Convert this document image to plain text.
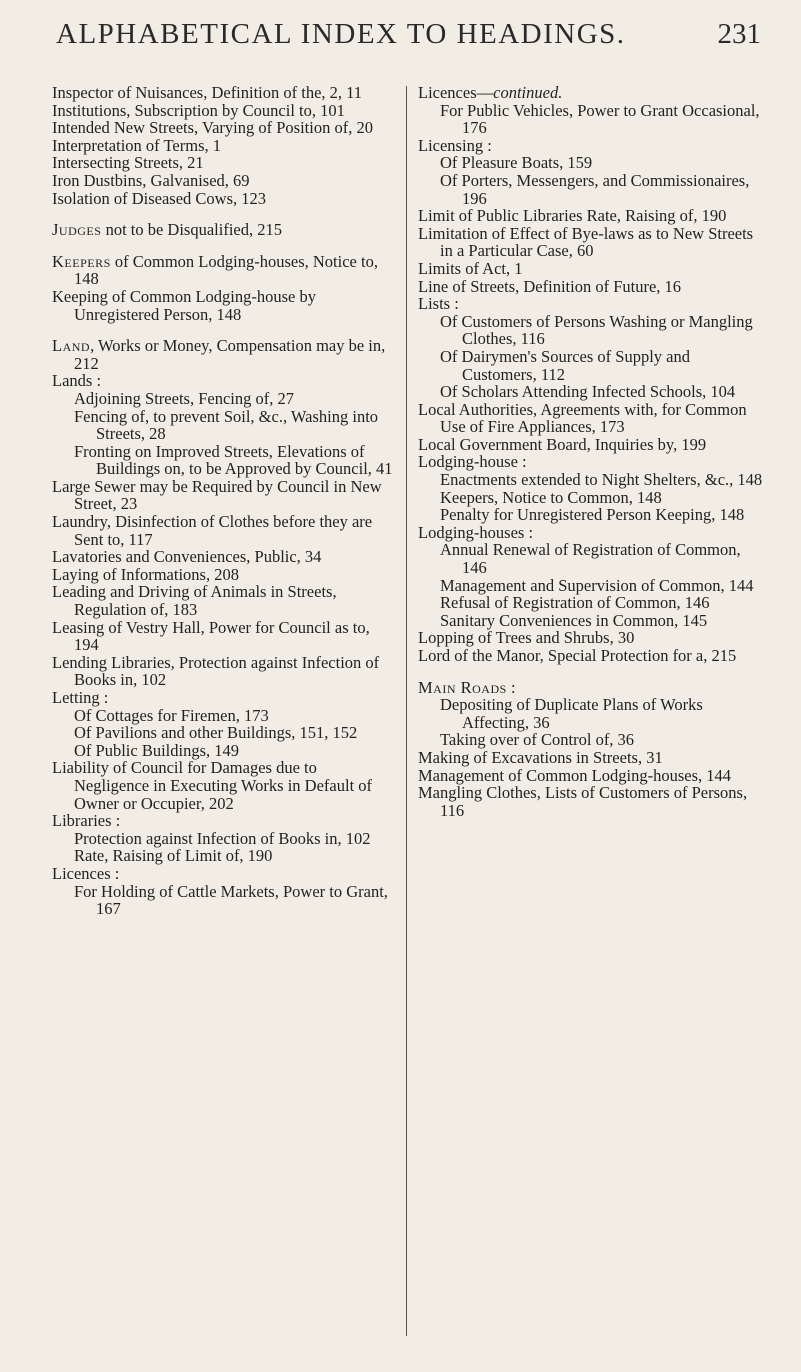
ALPHABETICAL INDEX TO HEADINGS.	231
Inspector of Nuisances, Definition of the, 2, 11
Institutions, Subscription by Council to, 101
Intended New Streets, Varying of Position of, 20
Interpretation of Terms, 1
Intersecting Streets, 21
Iron Dustbins, Galvanised, 69
Isolation of Diseased Cows, 123
Judges not to be Disqualified, 215
Keepers of Common Lodging-houses, Notice to, 148
Keeping of Common Lodging-house by Unregistered Person, 148
Land, Works or Money, Compensation may be in, 212
Lands :
Adjoining Streets, Fencing of, 27
Fencing of, to prevent Soil, &c., Washing into Streets, 28
Fronting on Improved Streets, Elevations of Buildings on, to be Approved by Council, 41
Large Sewer may be Required by Council in New Street, 23
Laundry, Disinfection of Clothes before they are Sent to, 117
Lavatories and Conveniences, Public, 34
Laying of Informations, 208
Leading and Driving of Animals in Streets, Regulation of, 183
Leasing of Vestry Hall, Power for Council as to, 194
Lending Libraries, Protection against Infection of Books in, 102
Letting :
Of Cottages for Firemen, 173
Of Pavilions and other Buildings, 151, 152
Of Public Buildings, 149
Liability of Council for Damages due to Negligence in Executing Works in Default of Owner or Occupier, 202
Libraries :
Protection against Infection of Books in, 102
Rate, Raising of Limit of, 190
Licences :
For Holding of Cattle Markets, Power to Grant, 167
Licences—continued.
For Public Vehicles, Power to Grant Occasional, 176
Licensing :
Of Pleasure Boats, 159
Of Porters, Messengers, and Commissionaires, 196
Limit of Public Libraries Rate, Raising of, 190
Limitation of Effect of Bye-laws as to New Streets in a Particular Case, 60
Limits of Act, 1
Line of Streets, Definition of Future, 16
Lists :
Of Customers of Persons Washing or Mangling Clothes, 116
Of Dairymen's Sources of Supply and Customers, 112
Of Scholars Attending Infected Schools, 104
Local Authorities, Agreements with, for Common Use of Fire Appliances, 173
Local Government Board, Inquiries by, 199
Lodging-house :
Enactments extended to Night Shelters, &c., 148
Keepers, Notice to Common, 148
Penalty for Unregistered Person Keeping, 148
Lodging-houses :
Annual Renewal of Registration of Common, 146
Management and Supervision of Common, 144
Refusal of Registration of Common, 146
Sanitary Conveniences in Common, 145
Lopping of Trees and Shrubs, 30
Lord of the Manor, Special Protection for a, 215
Main Roads :
Depositing of Duplicate Plans of Works Affecting, 36
Taking over of Control of, 36
Making of Excavations in Streets, 31
Management of Common Lodging-houses, 144
Mangling Clothes, Lists of Customers of Persons, 116
